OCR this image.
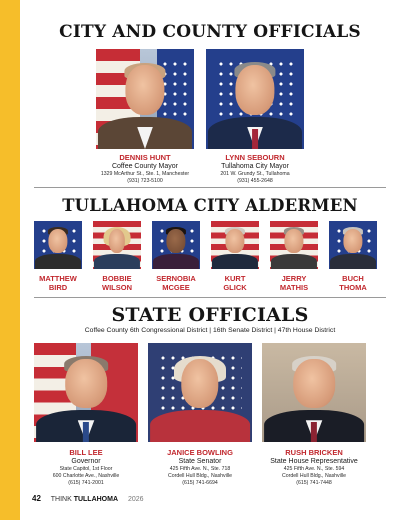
CITY AND COUNTY OFFICIALS

DENNIS HUNT

Coffee County Mayor

1329 McArthur St., Ste. 1, Manchester

(931) 723-5100

LYNN SEBOURN

Tullahoma City Mayor

201 W. Grundy St., Tullahoma

(931) 455-2648

TULLAHOMA CITY ALDERMEN

MATTHEW
BIRD

BOBBIE
WILSON

SERNOBIA
MCGEE

KURT
GLICK

JERRY
MATHIS

BUCH
THOMA

STATE OFFICIALS

Coffee County 6th Congressional District | 16th Senate District | 47th House District

BILL LEE

Governor

State Capitol, 1st Floor

600 Charlotte Ave., Nashville

(615) 741-2001

JANICE BOWLING

State Senator

425 Fifth Ave. N., Ste. 718

Cordell Hull Bldg., Nashville

(615) 741-6694

RUSH BRICKEN

State House Representative

425 Fifth Ave. N., Ste. 594

Cordell Hull Bldg., Nashville

(615) 741-7448

42 THINK TULLAHOMA 2026
